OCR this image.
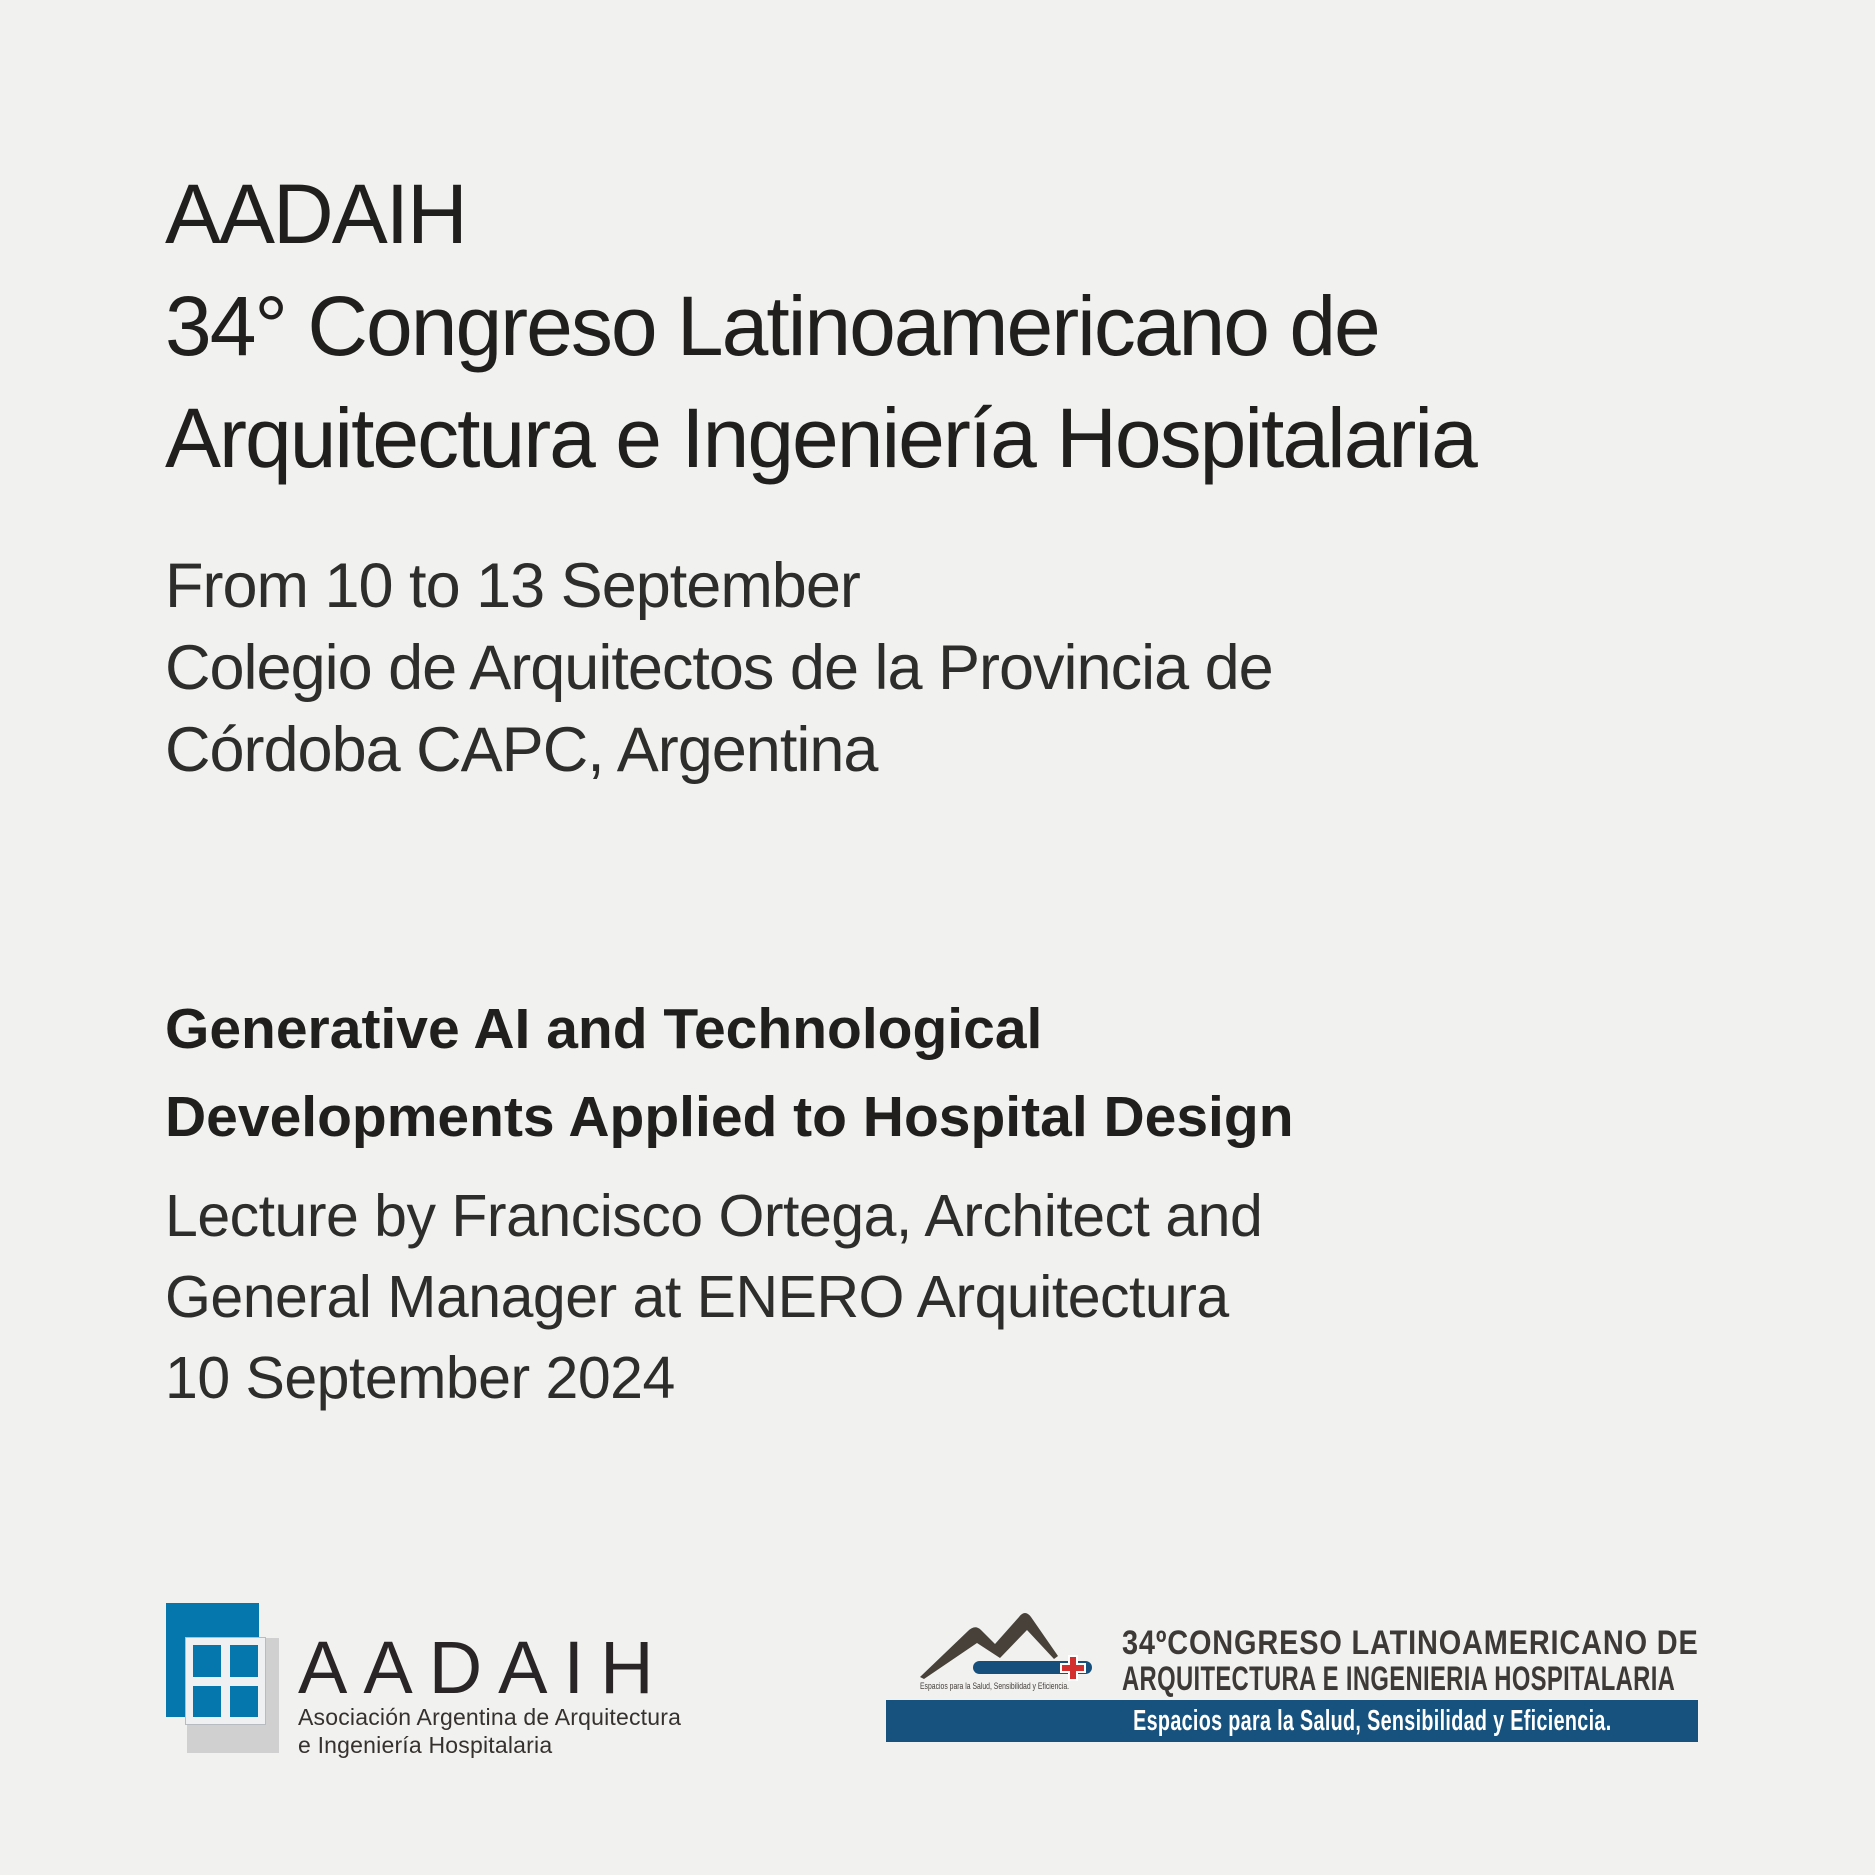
AADAIH
34° Congreso Latinoamericano de
Arquitectura e Ingeniería Hospitalaria
From 10 to 13 September
Colegio de Arquitectos de la Provincia de
Córdoba CAPC, Argentina
Generative AI and Technological
Developments Applied to Hospital Design
Lecture by Francisco Ortega, Architect and
General Manager at ENERO Arquitectura
10 September 2024
AADAIH
Asociación Argentina de Arquitectura
e Ingeniería Hospitalaria
Espacios para la Salud, Sensibilidad y Eficiencia.
34ºCONGRESO LATINOAMERICANO DE
ARQUITECTURA E INGENIERIA HOSPITALARIA
Espacios para la Salud, Sensibilidad y Eficiencia.
